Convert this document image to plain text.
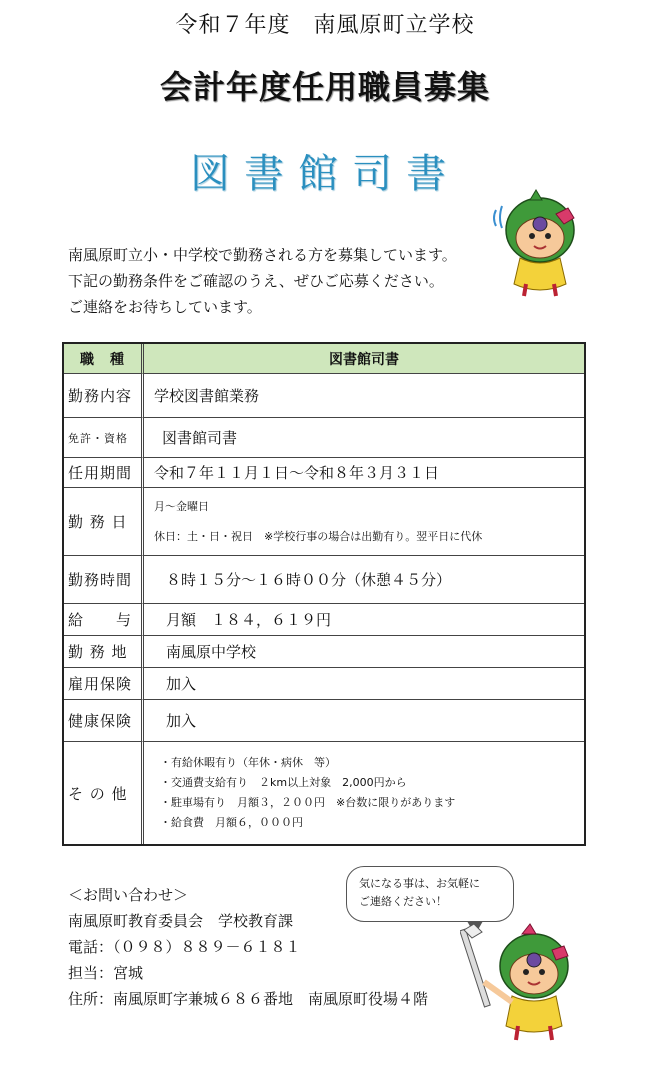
令和７年度　南風原町立学校
会計年度任用職員募集
図書館司書
南風原町立小・中学校で勤務される方を募集しています。
下記の勤務条件をご確認のうえ、ぜひご応募ください。
ご連絡をお待ちしています。
職　種	図書館司書
勤務内容	学校図書館業務
免許・資格	図書館司書
任用期間	令和７年１１月１日～令和８年３月３１日
勤 務 日	月～金曜日
休日：土・日・祝日　※学校行事の場合は出勤有り。翌平日に代休

勤務時間	８時１５分～１６時００分（休憩４５分）
給　　与	月額　１８４，６１９円
勤 務 地	南風原中学校
雇用保険	加入
健康保険	加入
そ の 他	・有給休暇有り（年休・病休　等）
・交通費支給有り　２km以上対象　2,000円から
・駐車場有り　月額３，２００円　※台数に限りがあります
・給食費　月額６，０００円
＜お問い合わせ＞
南風原町教育委員会　学校教育課
電話：（０９８）８８９－６１８１
担当：宮城
住所：南風原町字兼城６８６番地　南風原町役場４階
気になる事は、お気軽に
ご連絡ください！
